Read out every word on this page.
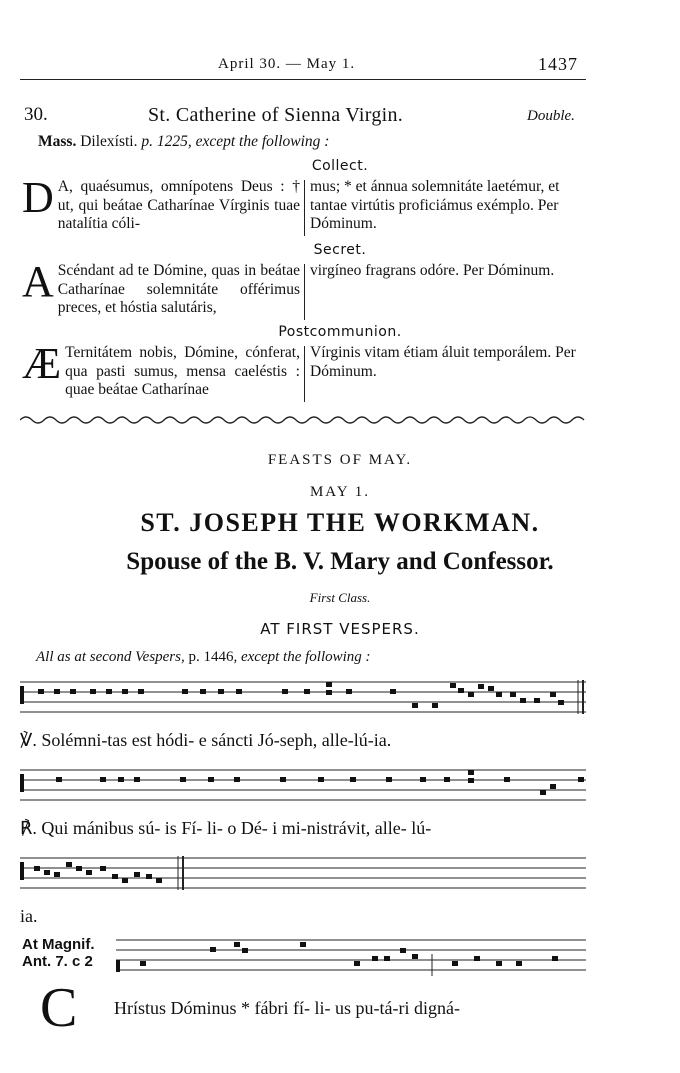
April 30. — May 1.	1437
30.	St. Catherine of Sienna Virgin.	Double.
Mass. Dilexísti. p. 1225, except the following :
Collect.
D A, quaésumus, omnípotens Deus : † ut, qui beátae Catharínae Vírginis tuae natalítia cóli-
mus; * et ánnua solemnitáte laetémur, et tantae virtútis proficiámus exémplo. Per Dóminum.
Secret.
A Scéndant ad te Dómine, quas in beátae Catharínae solemnitáte offérimus preces, et hóstia salutáris,
virgíneo fragrans odóre. Per Dóminum.
Postcommunion.
Æ Ternitátem nobis, Dómine, cónferat, qua pasti sumus, mensa caeléstis : quae beátae Catharínae
Vírginis vitam étiam áluit temporálem. Per Dóminum.
FEASTS OF MAY.
MAY 1.
ST. JOSEPH THE WORKMAN.
Spouse of the B. V. Mary and Confessor.
First Class.
AT FIRST VESPERS.
All as at second Vespers, p. 1446, except the following :
℣. Solémni-tas est hódi- e sáncti Jó-seph, alle-lú-ia.
℟. Qui mánibus sú- is Fí- li- o Dé- i mi-nistrávit, alle- lú-
ia.
At Magnif.
Ant. 7. c 2
C Hrístus Dóminus * fábri fí- li- us pu-tá-ri digná-
